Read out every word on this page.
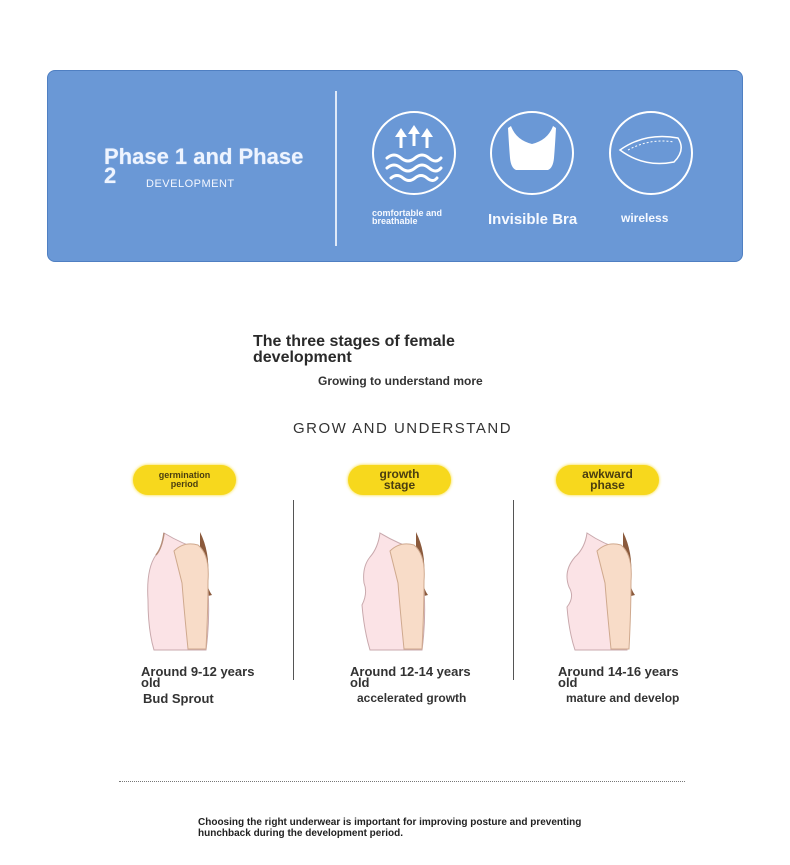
Phase 1 and Phase 2	DEVELOPMENT
comfortable and breathable	Invisible Bra	wireless
The three stages of female development
Growing to understand more
GROW AND UNDERSTAND
germination period
Around 9-12 years old
Bud Sprout
growth stage
Around 12-14 years old
accelerated growth
awkward phase
Around 14-16 years old
mature and develop
Choosing the right underwear is important for improving posture and preventing hunchback during the development period.
